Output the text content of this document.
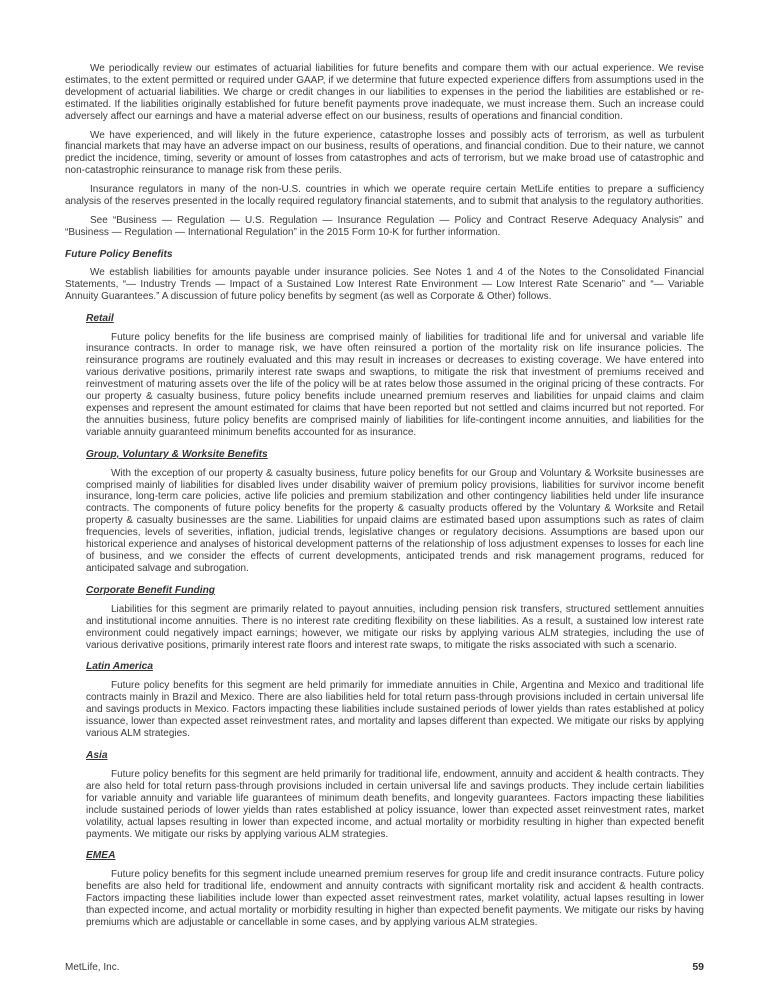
We periodically review our estimates of actuarial liabilities for future benefits and compare them with our actual experience. We revise estimates, to the extent permitted or required under GAAP, if we determine that future expected experience differs from assumptions used in the development of actuarial liabilities. We charge or credit changes in our liabilities to expenses in the period the liabilities are established or re-estimated. If the liabilities originally established for future benefit payments prove inadequate, we must increase them. Such an increase could adversely affect our earnings and have a material adverse effect on our business, results of operations and financial condition.

We have experienced, and will likely in the future experience, catastrophe losses and possibly acts of terrorism, as well as turbulent financial markets that may have an adverse impact on our business, results of operations, and financial condition. Due to their nature, we cannot predict the incidence, timing, severity or amount of losses from catastrophes and acts of terrorism, but we make broad use of catastrophic and non-catastrophic reinsurance to manage risk from these perils.

Insurance regulators in many of the non-U.S. countries in which we operate require certain MetLife entities to prepare a sufficiency analysis of the reserves presented in the locally required regulatory financial statements, and to submit that analysis to the regulatory authorities.

See “Business — Regulation — U.S. Regulation — Insurance Regulation — Policy and Contract Reserve Adequacy Analysis” and “Business — Regulation — International Regulation” in the 2015 Form 10-K for further information.

Future Policy Benefits

We establish liabilities for amounts payable under insurance policies. See Notes 1 and 4 of the Notes to the Consolidated Financial Statements, “— Industry Trends — Impact of a Sustained Low Interest Rate Environment — Low Interest Rate Scenario” and “— Variable Annuity Guarantees.” A discussion of future policy benefits by segment (as well as Corporate & Other) follows.

Retail

Future policy benefits for the life business are comprised mainly of liabilities for traditional life and for universal and variable life insurance contracts. In order to manage risk, we have often reinsured a portion of the mortality risk on life insurance policies. The reinsurance programs are routinely evaluated and this may result in increases or decreases to existing coverage. We have entered into various derivative positions, primarily interest rate swaps and swaptions, to mitigate the risk that investment of premiums received and reinvestment of maturing assets over the life of the policy will be at rates below those assumed in the original pricing of these contracts. For our property & casualty business, future policy benefits include unearned premium reserves and liabilities for unpaid claims and claim expenses and represent the amount estimated for claims that have been reported but not settled and claims incurred but not reported. For the annuities business, future policy benefits are comprised mainly of liabilities for life-contingent income annuities, and liabilities for the variable annuity guaranteed minimum benefits accounted for as insurance.

Group, Voluntary & Worksite Benefits

With the exception of our property & casualty business, future policy benefits for our Group and Voluntary & Worksite businesses are comprised mainly of liabilities for disabled lives under disability waiver of premium policy provisions, liabilities for survivor income benefit insurance, long-term care policies, active life policies and premium stabilization and other contingency liabilities held under life insurance contracts. The components of future policy benefits for the property & casualty products offered by the Voluntary & Worksite and Retail property & casualty businesses are the same. Liabilities for unpaid claims are estimated based upon assumptions such as rates of claim frequencies, levels of severities, inflation, judicial trends, legislative changes or regulatory decisions. Assumptions are based upon our historical experience and analyses of historical development patterns of the relationship of loss adjustment expenses to losses for each line of business, and we consider the effects of current developments, anticipated trends and risk management programs, reduced for anticipated salvage and subrogation.

Corporate Benefit Funding

Liabilities for this segment are primarily related to payout annuities, including pension risk transfers, structured settlement annuities and institutional income annuities. There is no interest rate crediting flexibility on these liabilities. As a result, a sustained low interest rate environment could negatively impact earnings; however, we mitigate our risks by applying various ALM strategies, including the use of various derivative positions, primarily interest rate floors and interest rate swaps, to mitigate the risks associated with such a scenario.

Latin America

Future policy benefits for this segment are held primarily for immediate annuities in Chile, Argentina and Mexico and traditional life contracts mainly in Brazil and Mexico. There are also liabilities held for total return pass-through provisions included in certain universal life and savings products in Mexico. Factors impacting these liabilities include sustained periods of lower yields than rates established at policy issuance, lower than expected asset reinvestment rates, and mortality and lapses different than expected. We mitigate our risks by applying various ALM strategies.

Asia

Future policy benefits for this segment are held primarily for traditional life, endowment, annuity and accident & health contracts. They are also held for total return pass-through provisions included in certain universal life and savings products. They include certain liabilities for variable annuity and variable life guarantees of minimum death benefits, and longevity guarantees. Factors impacting these liabilities include sustained periods of lower yields than rates established at policy issuance, lower than expected asset reinvestment rates, market volatility, actual lapses resulting in lower than expected income, and actual mortality or morbidity resulting in higher than expected benefit payments. We mitigate our risks by applying various ALM strategies.

EMEA

Future policy benefits for this segment include unearned premium reserves for group life and credit insurance contracts. Future policy benefits are also held for traditional life, endowment and annuity contracts with significant mortality risk and accident & health contracts. Factors impacting these liabilities include lower than expected asset reinvestment rates, market volatility, actual lapses resulting in lower than expected income, and actual mortality or morbidity resulting in higher than expected benefit payments. We mitigate our risks by having premiums which are adjustable or cancellable in some cases, and by applying various ALM strategies.

MetLife, Inc.	59
